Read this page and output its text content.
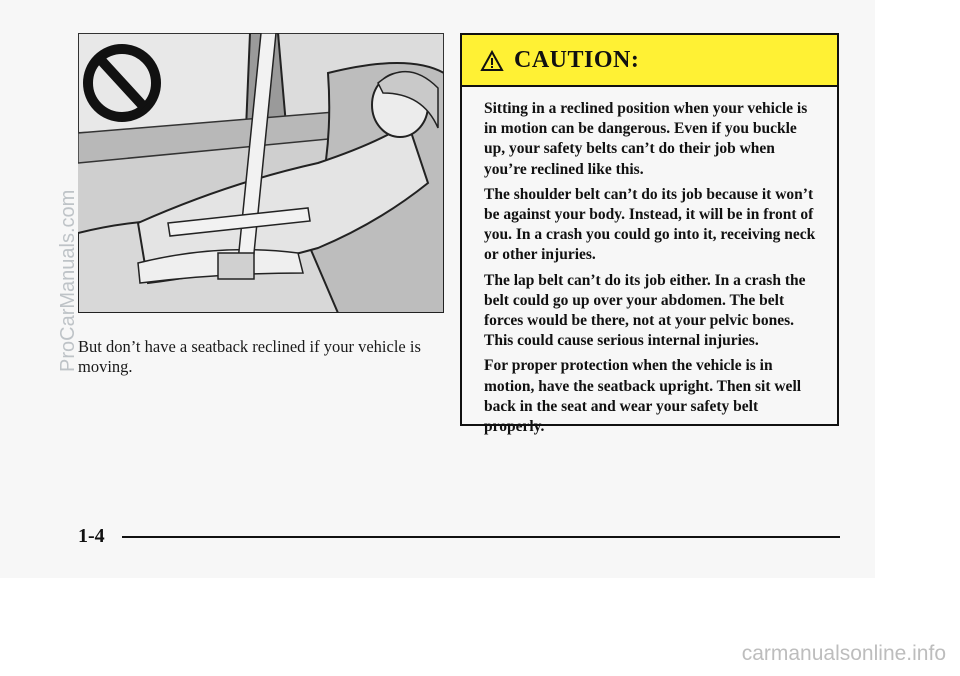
But don’t have a seatback reclined if your vehicle is moving.
CAUTION:

Sitting in a reclined position when your vehicle is in motion can be dangerous. Even if you buckle up, your safety belts can’t do their job when you’re reclined like this.

The shoulder belt can’t do its job because it won’t be against your body. Instead, it will be in front of you. In a crash you could go into it, receiving neck or other injuries.

The lap belt can’t do its job either. In a crash the belt could go up over your abdomen. The belt forces would be there, not at your pelvic bones. This could cause serious internal injuries.

For proper protection when the vehicle is in motion, have the seatback upright. Then sit well back in the seat and wear your safety belt properly.

1-4
ProCarManuals.com
carmanualsonline.info
